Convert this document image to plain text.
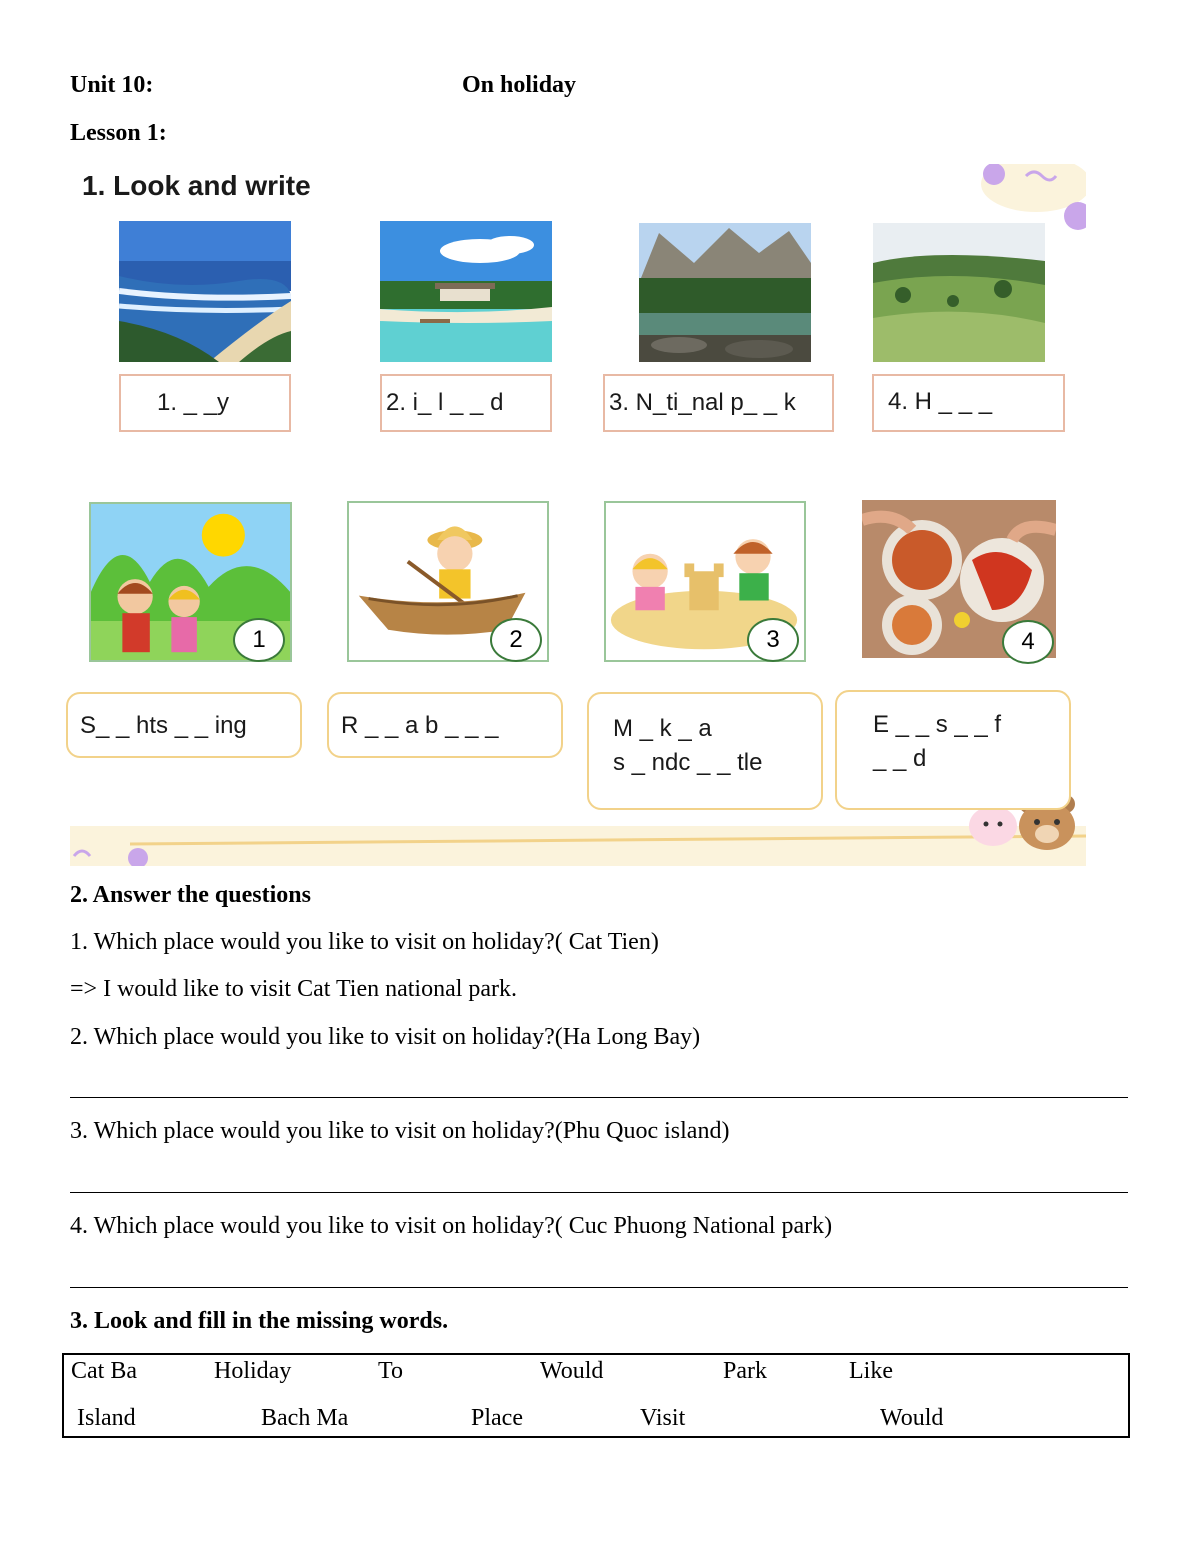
Unit 10:	On holiday
Lesson 1:
1. Look and write
1. _ _y	2. i_ l _ _ d	3. N_ti_nal p_ _ k	4. H _ _ _
1	2	3	4
S_ _ hts _ _ ing	R _ _ a b _ _ _	M _ k _ a
s _ ndc _ _ tle
E _ _ s _ _ f
_ _ d
2. Answer the questions
1. Which place would you like to visit on holiday?( Cat Tien)
=> I would like to visit Cat Tien national park.
2. Which place would you like to visit on holiday?(Ha Long Bay)
3. Which place would you like to visit on holiday?(Phu Quoc island)
4. Which place would you like to visit on holiday?( Cuc Phuong National park)
3. Look and fill in the missing words.
Cat Ba	Holiday	To	Would	Park	Like
Island	Bach Ma	Place	Visit	Would
